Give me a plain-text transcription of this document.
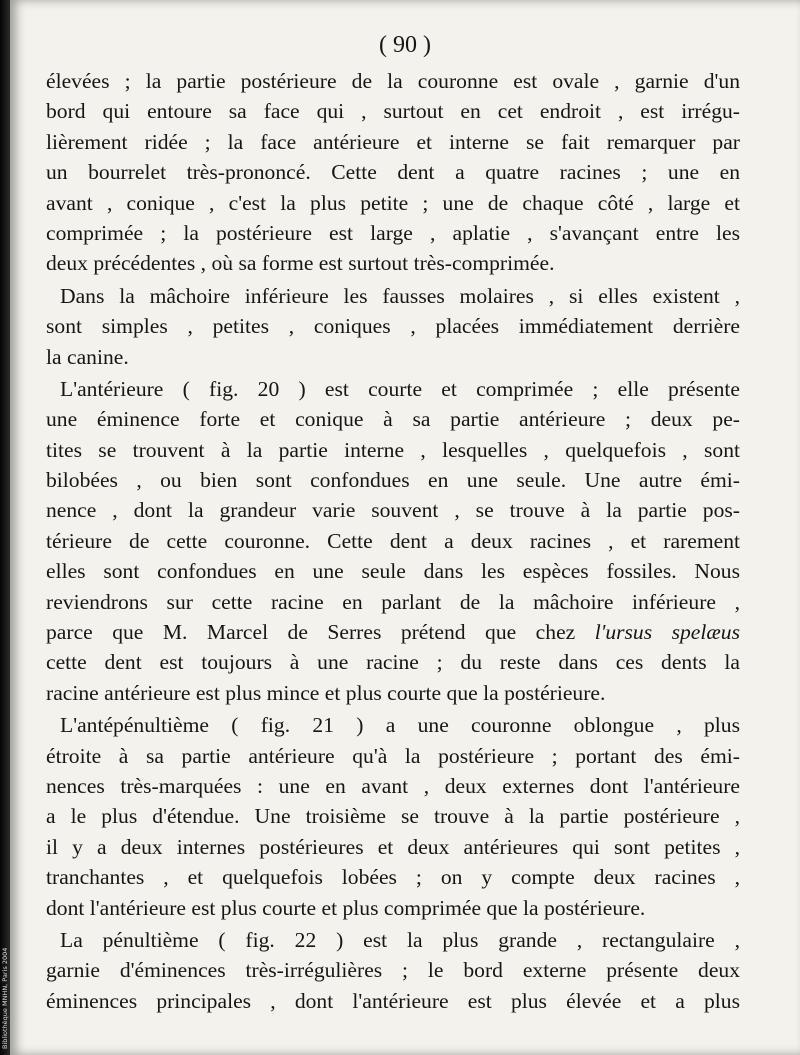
Bibliothèque MNHN, Paris 2004
( 90 )
élevées ; la partie postérieure de la couronne est ovale , garnie d'un
bord qui entoure sa face qui , surtout en cet endroit , est irrégu-
lièrement ridée ; la face antérieure et interne se fait remarquer par
un bourrelet très-prononcé. Cette dent a quatre racines ; une en
avant , conique , c'est la plus petite ; une de chaque côté , large et
comprimée ; la postérieure est large , aplatie , s'avançant entre les
deux précédentes , où sa forme est surtout très-comprimée.
Dans la mâchoire inférieure les fausses molaires , si elles existent ,
sont simples , petites , coniques , placées immédiatement derrière
la canine.
L'antérieure ( fig. 20 ) est courte et comprimée ; elle présente
une éminence forte et conique à sa partie antérieure ; deux pe-
tites se trouvent à la partie interne , lesquelles , quelquefois , sont
bilobées , ou bien sont confondues en une seule. Une autre émi-
nence , dont la grandeur varie souvent , se trouve à la partie pos-
térieure de cette couronne. Cette dent a deux racines , et rarement
elles sont confondues en une seule dans les espèces fossiles. Nous
reviendrons sur cette racine en parlant de la mâchoire inférieure ,
parce que M. Marcel de Serres prétend que chez l'ursus spelæus
cette dent est toujours à une racine ; du reste dans ces dents la
racine antérieure est plus mince et plus courte que la postérieure.
L'antépénultième ( fig. 21 ) a une couronne oblongue , plus
étroite à sa partie antérieure qu'à la postérieure ; portant des émi-
nences très-marquées : une en avant , deux externes dont l'antérieure
a le plus d'étendue. Une troisième se trouve à la partie postérieure ,
il y a deux internes postérieures et deux antérieures qui sont petites ,
tranchantes , et quelquefois lobées ; on y compte deux racines ,
dont l'antérieure est plus courte et plus comprimée que la postérieure.
La pénultième ( fig. 22 ) est la plus grande , rectangulaire ,
garnie d'éminences très-irrégulières ; le bord externe présente deux
éminences principales , dont l'antérieure est plus élevée et a plus
